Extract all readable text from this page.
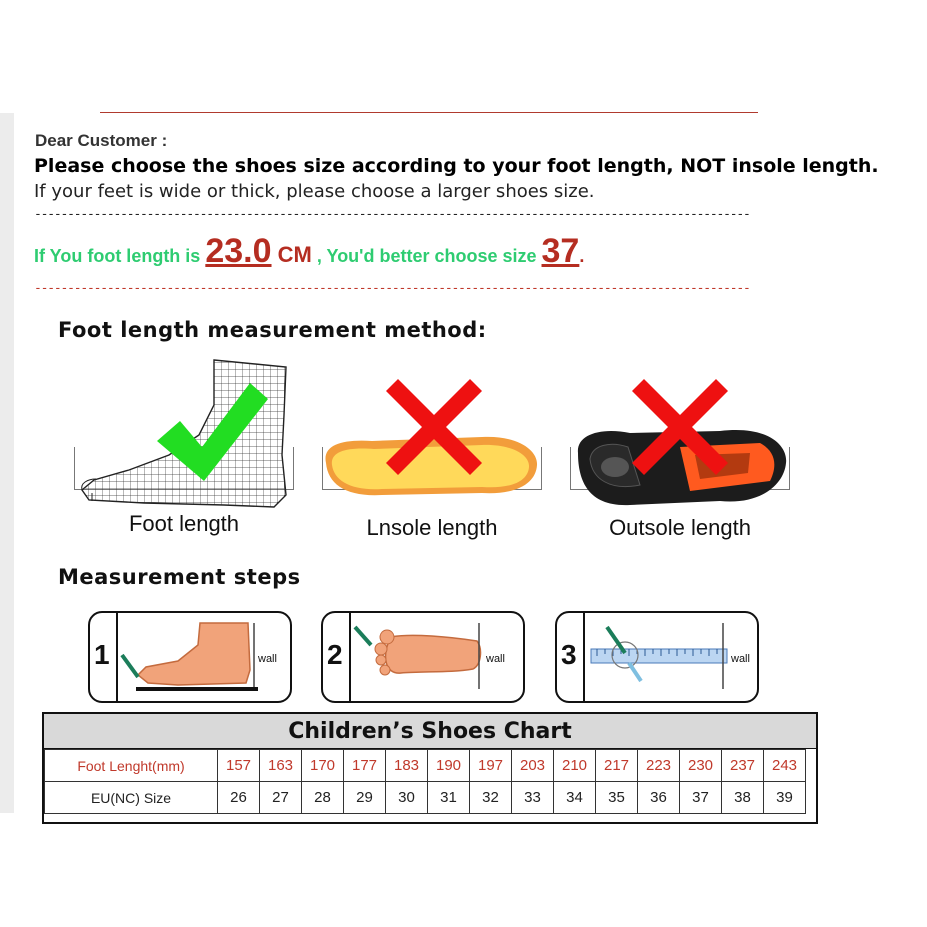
Dear Customer :
Please choose the shoes size according to your foot length, NOT insole length.
If your feet is wide or thick, please choose a larger shoes size.
------------------------------------------------------------------------------------------------------------
If You foot length is 23.0 CM , You'd better choose size 37.
------------------------------------------------------------------------------------------------------------
Foot length measurement method:
Foot length	Lnsole length	Outsole length
Measurement steps
1	wall 2	wall 3	wall
Children’s Shoes Chart
Foot Lenght(mm)	157	163	170	177	183	190	197	203	210	217	223	230	237	243
EU(NC) Size	26	27	28	29	30	31	32	33	34	35	36	37	38	39
